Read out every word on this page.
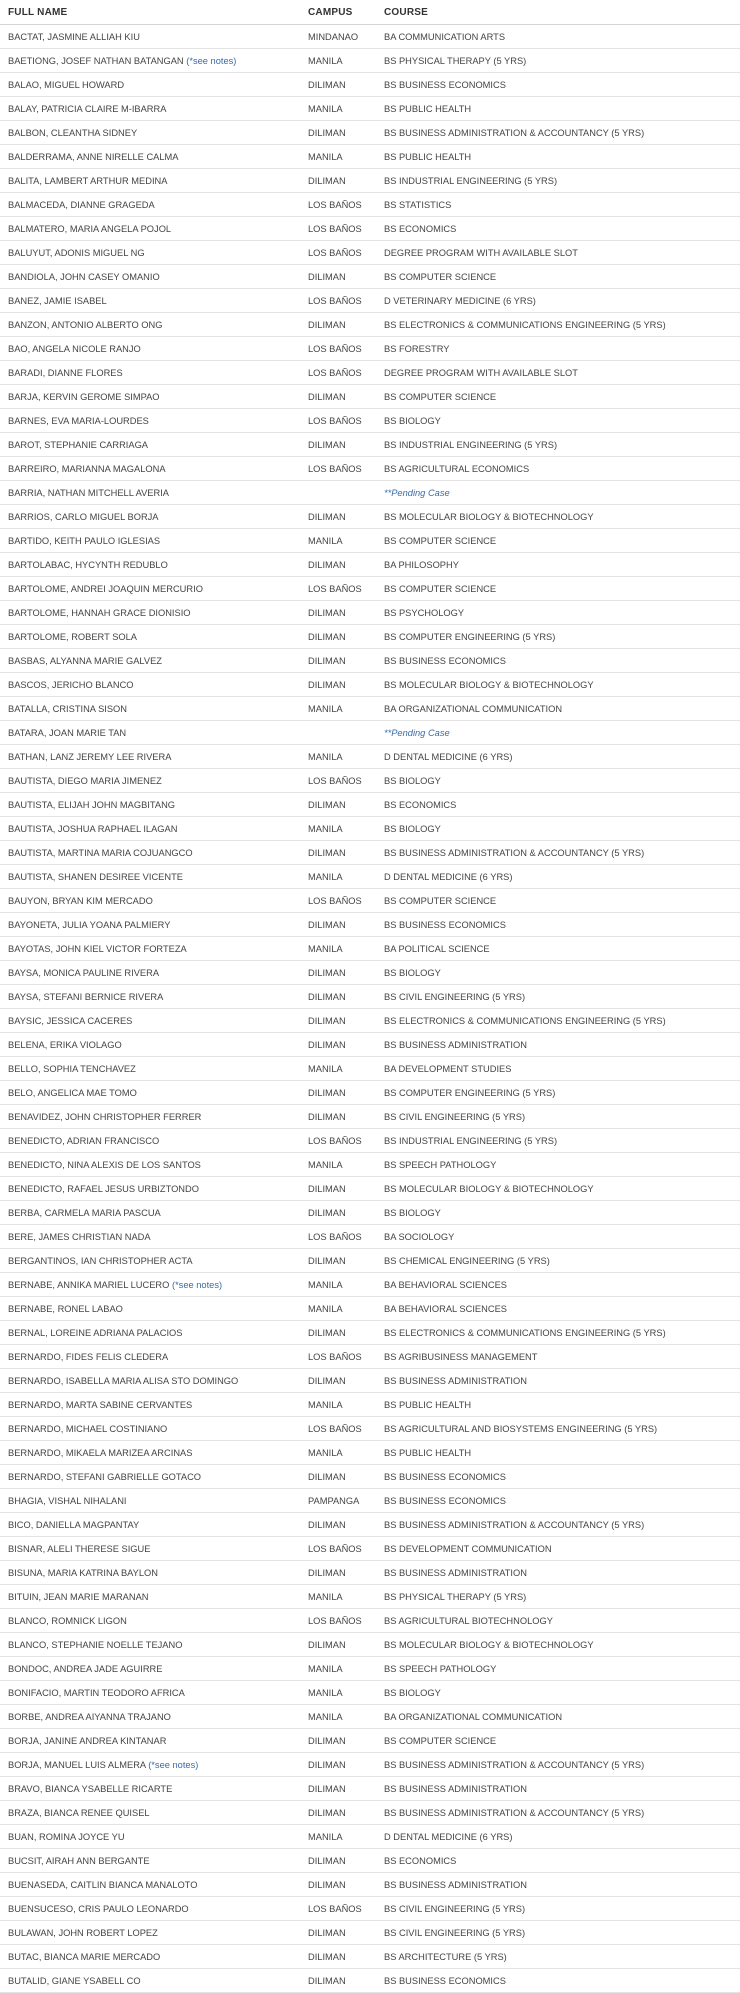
FULL NAME	CAMPUS	COURSE
BACTAT, JASMINE ALLIAH KIU	MINDANAO	BA COMMUNICATION ARTS
BAETIONG, JOSEF NATHAN BATANGAN (*see notes)	MANILA	BS PHYSICAL THERAPY (5 YRS)
BALAO, MIGUEL HOWARD	DILIMAN	BS BUSINESS ECONOMICS
BALAY, PATRICIA CLAIRE M-IBARRA	MANILA	BS PUBLIC HEALTH
BALBON, CLEANTHA SIDNEY	DILIMAN	BS BUSINESS ADMINISTRATION & ACCOUNTANCY (5 YRS)
BALDERRAMA, ANNE NIRELLE CALMA	MANILA	BS PUBLIC HEALTH
BALITA, LAMBERT ARTHUR MEDINA	DILIMAN	BS INDUSTRIAL ENGINEERING (5 YRS)
BALMACEDA, DIANNE GRAGEDA	LOS BAÑOS	BS STATISTICS
BALMATERO, MARIA ANGELA POJOL	LOS BAÑOS	BS ECONOMICS
BALUYUT, ADONIS MIGUEL NG	LOS BAÑOS	DEGREE PROGRAM WITH AVAILABLE SLOT
BANDIOLA, JOHN CASEY OMANIO	DILIMAN	BS COMPUTER SCIENCE
BANEZ, JAMIE ISABEL	LOS BAÑOS	D VETERINARY MEDICINE (6 YRS)
BANZON, ANTONIO ALBERTO ONG	DILIMAN	BS ELECTRONICS & COMMUNICATIONS ENGINEERING (5 YRS)
BAO, ANGELA NICOLE RANJO	LOS BAÑOS	BS FORESTRY
BARADI, DIANNE FLORES	LOS BAÑOS	DEGREE PROGRAM WITH AVAILABLE SLOT
BARJA, KERVIN GEROME SIMPAO	DILIMAN	BS COMPUTER SCIENCE
BARNES, EVA MARIA-LOURDES	LOS BAÑOS	BS BIOLOGY
BAROT, STEPHANIE CARRIAGA	DILIMAN	BS INDUSTRIAL ENGINEERING (5 YRS)
BARREIRO, MARIANNA MAGALONA	LOS BAÑOS	BS AGRICULTURAL ECONOMICS
BARRIA, NATHAN MITCHELL AVERIA		**Pending Case
BARRIOS, CARLO MIGUEL BORJA	DILIMAN	BS MOLECULAR BIOLOGY & BIOTECHNOLOGY
BARTIDO, KEITH PAULO IGLESIAS	MANILA	BS COMPUTER SCIENCE
BARTOLABAC, HYCYNTH REDUBLO	DILIMAN	BA PHILOSOPHY
BARTOLOME, ANDREI JOAQUIN MERCURIO	LOS BAÑOS	BS COMPUTER SCIENCE
BARTOLOME, HANNAH GRACE DIONISIO	DILIMAN	BS PSYCHOLOGY
BARTOLOME, ROBERT SOLA	DILIMAN	BS COMPUTER ENGINEERING (5 YRS)
BASBAS, ALYANNA MARIE GALVEZ	DILIMAN	BS BUSINESS ECONOMICS
BASCOS, JERICHO BLANCO	DILIMAN	BS MOLECULAR BIOLOGY & BIOTECHNOLOGY
BATALLA, CRISTINA SISON	MANILA	BA ORGANIZATIONAL COMMUNICATION
BATARA, JOAN MARIE TAN		**Pending Case
BATHAN, LANZ JEREMY LEE RIVERA	MANILA	D DENTAL MEDICINE (6 YRS)
BAUTISTA, DIEGO MARIA JIMENEZ	LOS BAÑOS	BS BIOLOGY
BAUTISTA, ELIJAH JOHN MAGBITANG	DILIMAN	BS ECONOMICS
BAUTISTA, JOSHUA RAPHAEL ILAGAN	MANILA	BS BIOLOGY
BAUTISTA, MARTINA MARIA COJUANGCO	DILIMAN	BS BUSINESS ADMINISTRATION & ACCOUNTANCY (5 YRS)
BAUTISTA, SHANEN DESIREE VICENTE	MANILA	D DENTAL MEDICINE (6 YRS)
BAUYON, BRYAN KIM MERCADO	LOS BAÑOS	BS COMPUTER SCIENCE
BAYONETA, JULIA YOANA PALMIERY	DILIMAN	BS BUSINESS ECONOMICS
BAYOTAS, JOHN KIEL VICTOR FORTEZA	MANILA	BA POLITICAL SCIENCE
BAYSA, MONICA PAULINE RIVERA	DILIMAN	BS BIOLOGY
BAYSA, STEFANI BERNICE RIVERA	DILIMAN	BS CIVIL ENGINEERING (5 YRS)
BAYSIC, JESSICA CACERES	DILIMAN	BS ELECTRONICS & COMMUNICATIONS ENGINEERING (5 YRS)
BELENA, ERIKA VIOLAGO	DILIMAN	BS BUSINESS ADMINISTRATION
BELLO, SOPHIA TENCHAVEZ	MANILA	BA DEVELOPMENT STUDIES
BELO, ANGELICA MAE TOMO	DILIMAN	BS COMPUTER ENGINEERING (5 YRS)
BENAVIDEZ, JOHN CHRISTOPHER FERRER	DILIMAN	BS CIVIL ENGINEERING (5 YRS)
BENEDICTO, ADRIAN FRANCISCO	LOS BAÑOS	BS INDUSTRIAL ENGINEERING (5 YRS)
BENEDICTO, NINA ALEXIS DE LOS SANTOS	MANILA	BS SPEECH PATHOLOGY
BENEDICTO, RAFAEL JESUS URBIZTONDO	DILIMAN	BS MOLECULAR BIOLOGY & BIOTECHNOLOGY
BERBA, CARMELA MARIA PASCUA	DILIMAN	BS BIOLOGY
BERE, JAMES CHRISTIAN NADA	LOS BAÑOS	BA SOCIOLOGY
BERGANTINOS, IAN CHRISTOPHER ACTA	DILIMAN	BS CHEMICAL ENGINEERING (5 YRS)
BERNABE, ANNIKA MARIEL LUCERO (*see notes)	MANILA	BA BEHAVIORAL SCIENCES
BERNABE, RONEL LABAO	MANILA	BA BEHAVIORAL SCIENCES
BERNAL, LOREINE ADRIANA PALACIOS	DILIMAN	BS ELECTRONICS & COMMUNICATIONS ENGINEERING (5 YRS)
BERNARDO, FIDES FELIS CLEDERA	LOS BAÑOS	BS AGRIBUSINESS MANAGEMENT
BERNARDO, ISABELLA MARIA ALISA STO DOMINGO	DILIMAN	BS BUSINESS ADMINISTRATION
BERNARDO, MARTA SABINE CERVANTES	MANILA	BS PUBLIC HEALTH
BERNARDO, MICHAEL COSTINIANO	LOS BAÑOS	BS AGRICULTURAL AND BIOSYSTEMS ENGINEERING (5 YRS)
BERNARDO, MIKAELA MARIZEA ARCINAS	MANILA	BS PUBLIC HEALTH
BERNARDO, STEFANI GABRIELLE GOTACO	DILIMAN	BS BUSINESS ECONOMICS
BHAGIA, VISHAL NIHALANI	PAMPANGA	BS BUSINESS ECONOMICS
BICO, DANIELLA MAGPANTAY	DILIMAN	BS BUSINESS ADMINISTRATION & ACCOUNTANCY (5 YRS)
BISNAR, ALELI THERESE SIGUE	LOS BAÑOS	BS DEVELOPMENT COMMUNICATION
BISUNA, MARIA KATRINA BAYLON	DILIMAN	BS BUSINESS ADMINISTRATION
BITUIN, JEAN MARIE MARANAN	MANILA	BS PHYSICAL THERAPY (5 YRS)
BLANCO, ROMNICK LIGON	LOS BAÑOS	BS AGRICULTURAL BIOTECHNOLOGY
BLANCO, STEPHANIE NOELLE TEJANO	DILIMAN	BS MOLECULAR BIOLOGY & BIOTECHNOLOGY
BONDOC, ANDREA JADE AGUIRRE	MANILA	BS SPEECH PATHOLOGY
BONIFACIO, MARTIN TEODORO AFRICA	MANILA	BS BIOLOGY
BORBE, ANDREA AIYANNA TRAJANO	MANILA	BA ORGANIZATIONAL COMMUNICATION
BORJA, JANINE ANDREA KINTANAR	DILIMAN	BS COMPUTER SCIENCE
BORJA, MANUEL LUIS ALMERA (*see notes)	DILIMAN	BS BUSINESS ADMINISTRATION & ACCOUNTANCY (5 YRS)
BRAVO, BIANCA YSABELLE RICARTE	DILIMAN	BS BUSINESS ADMINISTRATION
BRAZA, BIANCA RENEE QUISEL	DILIMAN	BS BUSINESS ADMINISTRATION & ACCOUNTANCY (5 YRS)
BUAN, ROMINA JOYCE YU	MANILA	D DENTAL MEDICINE (6 YRS)
BUCSIT, AIRAH ANN BERGANTE	DILIMAN	BS ECONOMICS
BUENASEDA, CAITLIN BIANCA MANALOTO	DILIMAN	BS BUSINESS ADMINISTRATION
BUENSUCESO, CRIS PAULO LEONARDO	LOS BAÑOS	BS CIVIL ENGINEERING (5 YRS)
BULAWAN, JOHN ROBERT LOPEZ	DILIMAN	BS CIVIL ENGINEERING (5 YRS)
BUTAC, BIANCA MARIE MERCADO	DILIMAN	BS ARCHITECTURE (5 YRS)
BUTALID, GIANE YSABELL CO	DILIMAN	BS BUSINESS ECONOMICS
